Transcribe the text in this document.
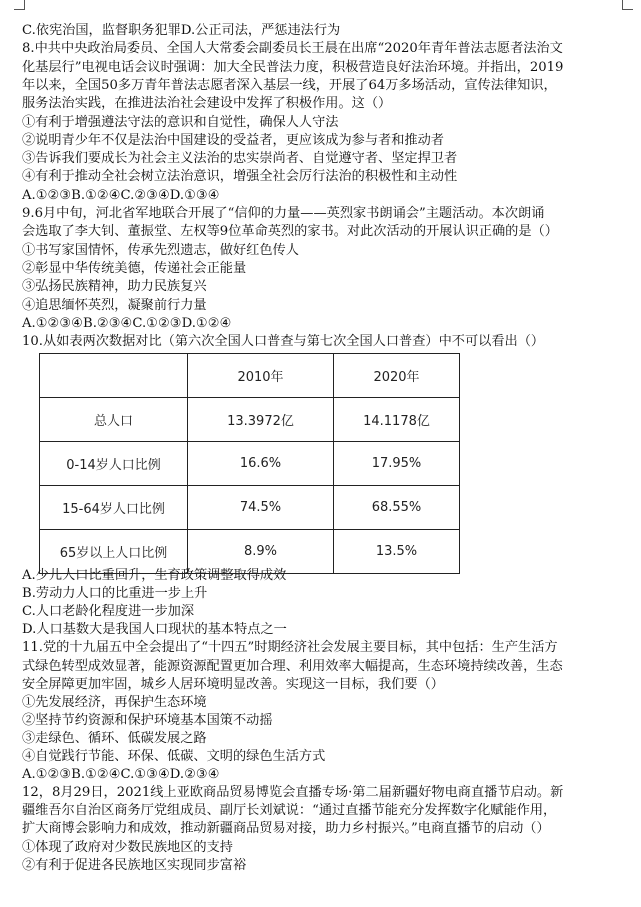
C.依宪治国，监督职务犯罪D.公正司法，严惩违法行为
8.中共中央政治局委员、全国人大常委会副委员长王晨在出席“2020年青年普法志愿者法治文
化基层行”电视电话会议时强调：加大全民普法力度，积极营造良好法治环境。并指出，2019
年以来，全国50多万青年普法志愿者深入基层一线，开展了64万多场活动，宣传法律知识，
服务法治实践，在推进法治社会建设中发挥了积极作用。这（）
①有利于增强遵法守法的意识和自觉性，确保人人守法
②说明青少年不仅是法治中国建设的受益者，更应该成为参与者和推动者
③告诉我们要成长为社会主义法治的忠实崇尚者、自觉遵守者、坚定捍卫者
④有利于推动全社会树立法治意识，增强全社会厉行法治的积极性和主动性
A.①②③B.①②④C.②③④D.①③④
9.6月中旬，河北省军地联合开展了“信仰的力量——英烈家书朗诵会”主题活动。本次朗诵
会选取了李大钊、董振堂、左权等9位革命英烈的家书。对此次活动的开展认识正确的是（）
①书写家国情怀，传承先烈遗志，做好红色传人
②彰显中华传统美德，传递社会正能量
③弘扬民族精神，助力民族复兴
④追思缅怀英烈，凝聚前行力量
A.①②③④B.②③④C.①②③D.①②④
10.从如表两次数据对比（第六次全国人口普查与第七次全国人口普查）中不可以看出（）
A.少儿人口比重回升，生育政策调整取得成效
B.劳动力人口的比重进一步上升
C.人口老龄化程度进一步加深
D.人口基数大是我国人口现状的基本特点之一
11.党的十九届五中全会提出了“十四五”时期经济社会发展主要目标，其中包括：生产生活方
式绿色转型成效显著，能源资源配置更加合理、利用效率大幅提高，生态环境持续改善，生态
安全屏障更加牢固，城乡人居环境明显改善。实现这一目标，我们要（）
①先发展经济，再保护生态环境
②坚持节约资源和保护环境基本国策不动摇
③走绿色、循环、低碳发展之路
④自觉践行节能、环保、低碳、文明的绿色生活方式
A.①②③B.①②④C.①③④D.②③④
12，8月29日，2021线上亚欧商品贸易博览会直播专场·第二届新疆好物电商直播节启动。新
疆维吾尔自治区商务厅党组成员、副厅长刘斌说：“通过直播节能充分发挥数字化赋能作用，
扩大商博会影响力和成效，推动新疆商品贸易对接，助力乡村振兴。”电商直播节的启动（）
①体现了政府对少数民族地区的支持
②有利于促进各民族地区实现同步富裕
	2010年	2020年
总人口	13.3972亿	14.1178亿
0-14岁人口比例	16.6%	17.95%
15-64岁人口比例	74.5%	68.55%
65岁以上人口比例	8.9%	13.5%
